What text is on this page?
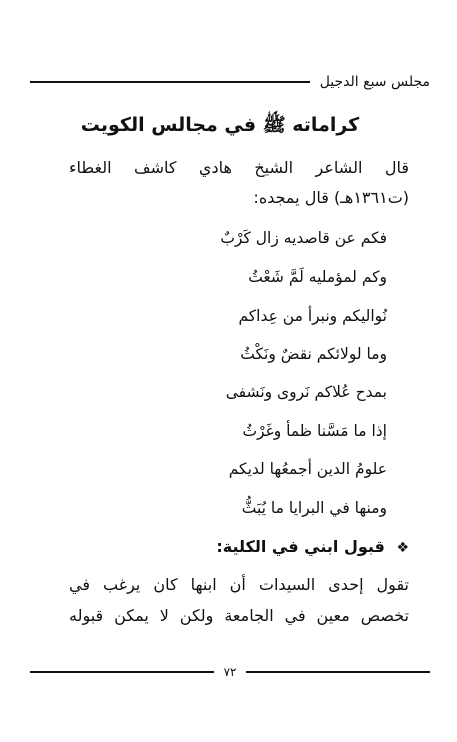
مجلس سبع الدجيل
كراماته ﷺ في مجالس الكويت
قال الشاعر الشيخ هادي كاشف الغطاء
(ت١٣٦١هـ) قال يمجده:
فكم عن قاصديه زال كَرْبٌ
وكم لمؤمليه لَمَّ شَعْثُ
نُواليكم ونبرأ من عِداكم
وما لولائكم نقضٌ ونَكْثُ
بمدح عُلاكم نَروى ونَشفى
إذا ما مَسَّنا ظمأ وغَرْثُ
علومُ الدين أجمعُها لديكم
ومنها في البرايا ما يُبَثُّ
❖ قبول ابني في الكلية:
تقول إحدى السيدات أن ابنها كان يرغب في
تخصص معين في الجامعة ولكن لا يمكن قبوله
٧٢
